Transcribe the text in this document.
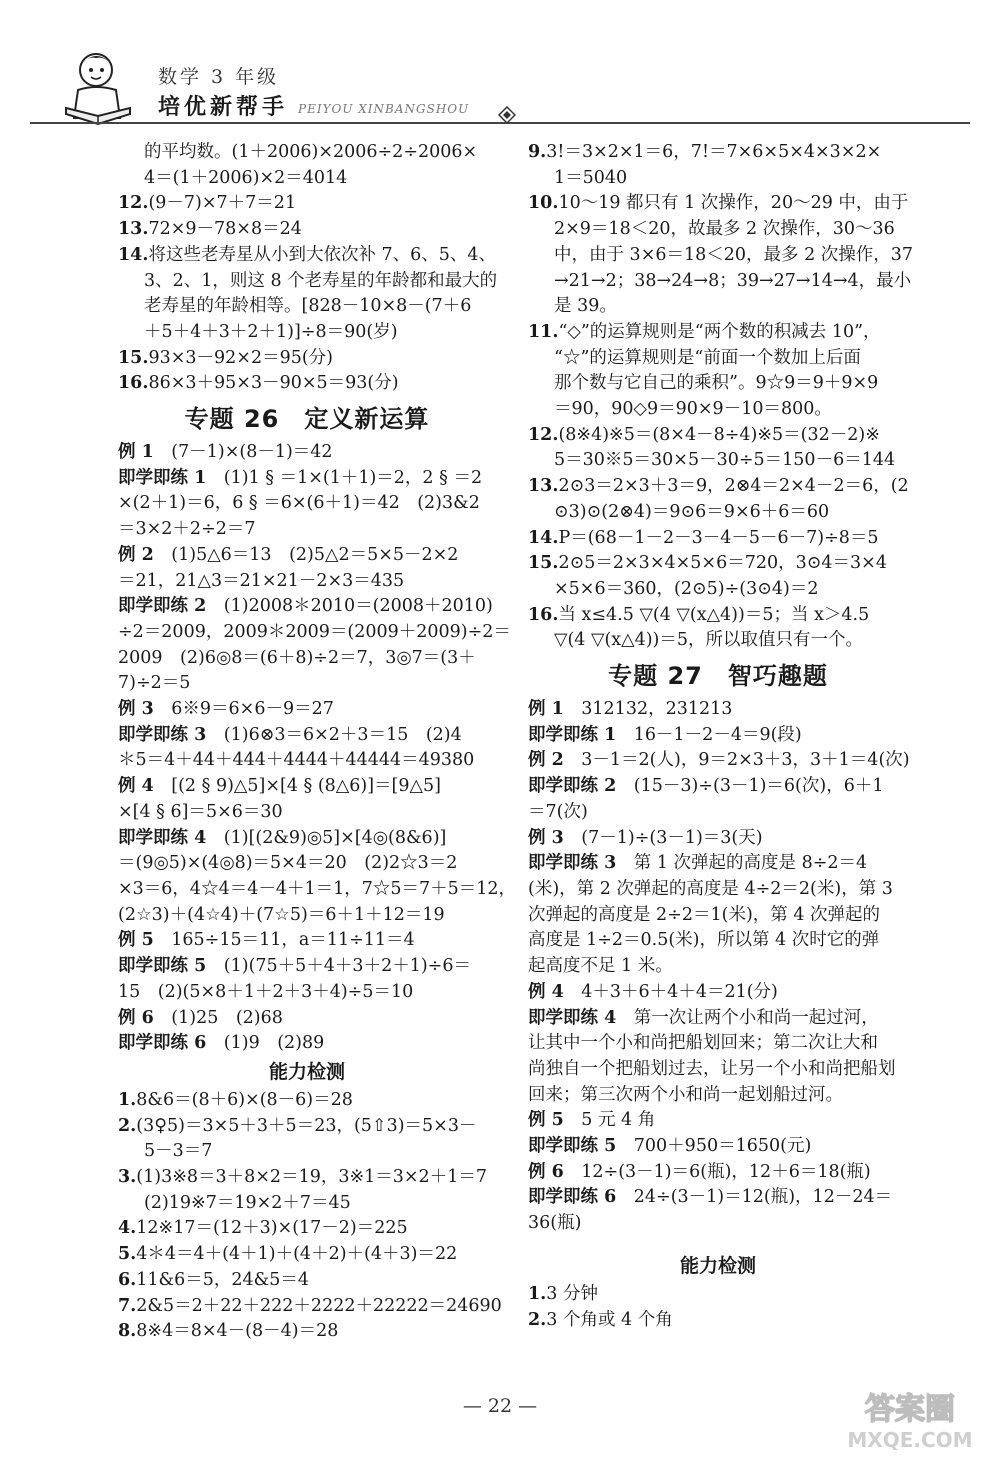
数学 3 年级
培优新帮手 PEIYOU XINBANGSHOU
的平均数。(1＋2006)×2006÷2÷2006×
4＝(1＋2006)×2＝4014
12.(9－7)×7＋7＝21
13.72×9－78×8＝24
14.将这些老寿星从小到大依次补 7、6、5、4、
3、2、1，则这 8 个老寿星的年龄都和最大的
老寿星的年龄相等。[828－10×8－(7＋6
＋5＋4＋3＋2＋1)]÷8＝90(岁)
15.93×3－92×2＝95(分)
16.86×3＋95×3－90×5＝93(分)
专题 26　定义新运算
例 1　 (7－1)×(8－1)＝42
即学即练 1　 (1)1 § ＝1×(1＋1)＝2，2 § ＝2
×(2＋1)＝6，6 § ＝6×(6＋1)＝42　(2)3&2
＝3×2＋2÷2＝7
例 2　 (1)5△6＝13　(2)5△2＝5×5－2×2
＝21，21△3＝21×21－2×3＝435
即学即练 2　 (1)2008＊2010＝(2008＋2010)
÷2＝2009，2009＊2009＝(2009＋2009)÷2＝
2009　(2)6◎8＝(6＋8)÷2＝7，3◎7＝(3＋
7)÷2＝5
例 3　 6※9＝6×6－9＝27
即学即练 3　 (1)6⊗3＝6×2＋3＝15　(2)4
＊5＝4＋44＋444＋4444＋44444＝49380
例 4　 [(2 § 9)△5]×[4 § (8△6)]＝[9△5]
×[4 § 6]＝5×6＝30
即学即练 4　 (1)[(2&9)◎5]×[4◎(8&6)]
＝(9◎5)×(4◎8)＝5×4＝20　(2)2☆3＝2
×3＝6，4☆4＝4－4＋1＝1，7☆5＝7＋5＝12，
(2☆3)＋(4☆4)＋(7☆5)＝6＋1＋12＝19
例 5　 165÷15＝11，a＝11÷11＝4
即学即练 5　 (1)(75＋5＋4＋3＋2＋1)÷6＝
15　(2)(5×8＋1＋2＋3＋4)÷5＝10
例 6　 (1)25　(2)68
即学即练 6　 (1)9　(2)89
能力检测
1.8&6＝(8＋6)×(8－6)＝28
2.(3♀5)＝3×5＋3＋5＝23，(5⇧3)＝5×3－
5－3＝7
3.(1)3※8＝3＋8×2＝19，3※1＝3×2＋1＝7
(2)19※7＝19×2＋7＝45
4.12※17＝(12＋3)×(17－2)＝225
5.4＊4＝4＋(4＋1)＋(4＋2)＋(4＋3)＝22
6.11&6＝5，24&5＝4
7.2&5＝2＋22＋222＋2222＋22222＝24690
8.8※4＝8×4－(8－4)＝28
9.3!＝3×2×1＝6，7!＝7×6×5×4×3×2×
1＝5040
10.10～19 都只有 1 次操作，20～29 中，由于
2×9＝18＜20，故最多 2 次操作，30～36
中，由于 3×6＝18＜20，最多 2 次操作，37
→21→2；38→24→8；39→27→14→4，最小
是 39。
11.“◇”的运算规则是“两个数的积减去 10”，
“☆”的运算规则是“前面一个数加上后面
那个数与它自己的乘积”。9☆9＝9＋9×9
＝90，90◇9＝90×9－10＝800。
12.(8※4)※5＝(8×4－8÷4)※5＝(32－2)※
5＝30※5＝30×5－30÷5＝150－6＝144
13.2⊙3＝2×3＋3＝9，2⊗4＝2×4－2＝6，(2
⊙3)⊙(2⊗4)＝9⊙6＝9×6＋6＝60
14.P＝(68－1－2－3－4－5－6－7)÷8＝5
15.2⊙5＝2×3×4×5×6＝720，3⊙4＝3×4
×5×6＝360，(2⊙5)÷(3⊙4)＝2
16.当 x≤4.5 ▽(4 ▽(x△4))＝5；当 x＞4.5
▽(4 ▽(x△4))＝5，所以取值只有一个。
专题 27　智巧趣题
例 1　 312132，231213
即学即练 1　 16－1－2－4＝9(段)
例 2　 3－1＝2(人)，9＝2×3＋3，3＋1＝4(次)
即学即练 2　 (15－3)÷(3－1)＝6(次)，6＋1
＝7(次)
例 3　 (7－1)÷(3－1)＝3(天)
即学即练 3　 第 1 次弹起的高度是 8÷2＝4
(米)，第 2 次弹起的高度是 4÷2＝2(米)，第 3
次弹起的高度是 2÷2＝1(米)，第 4 次弹起的
高度是 1÷2＝0.5(米)，所以第 4 次时它的弹
起高度不足 1 米。
例 4　 4＋3＋6＋4＋4＝21(分)
即学即练 4　 第一次让两个小和尚一起过河，
让其中一个小和尚把船划回来；第二次让大和
尚独自一个把船划过去，让另一个小和尚把船划
回来；第三次两个小和尚一起划船过河。
例 5　 5 元 4 角
即学即练 5　 700＋950＝1650(元)
例 6　 12÷(3－1)＝6(瓶)，12＋6＝18(瓶)
即学即练 6　 24÷(3－1)＝12(瓶)，12－24＝
36(瓶)
能力检测
1.3 分钟
2.3 个角或 4 个角
— 22 —	答案圈
MXQE.COM
